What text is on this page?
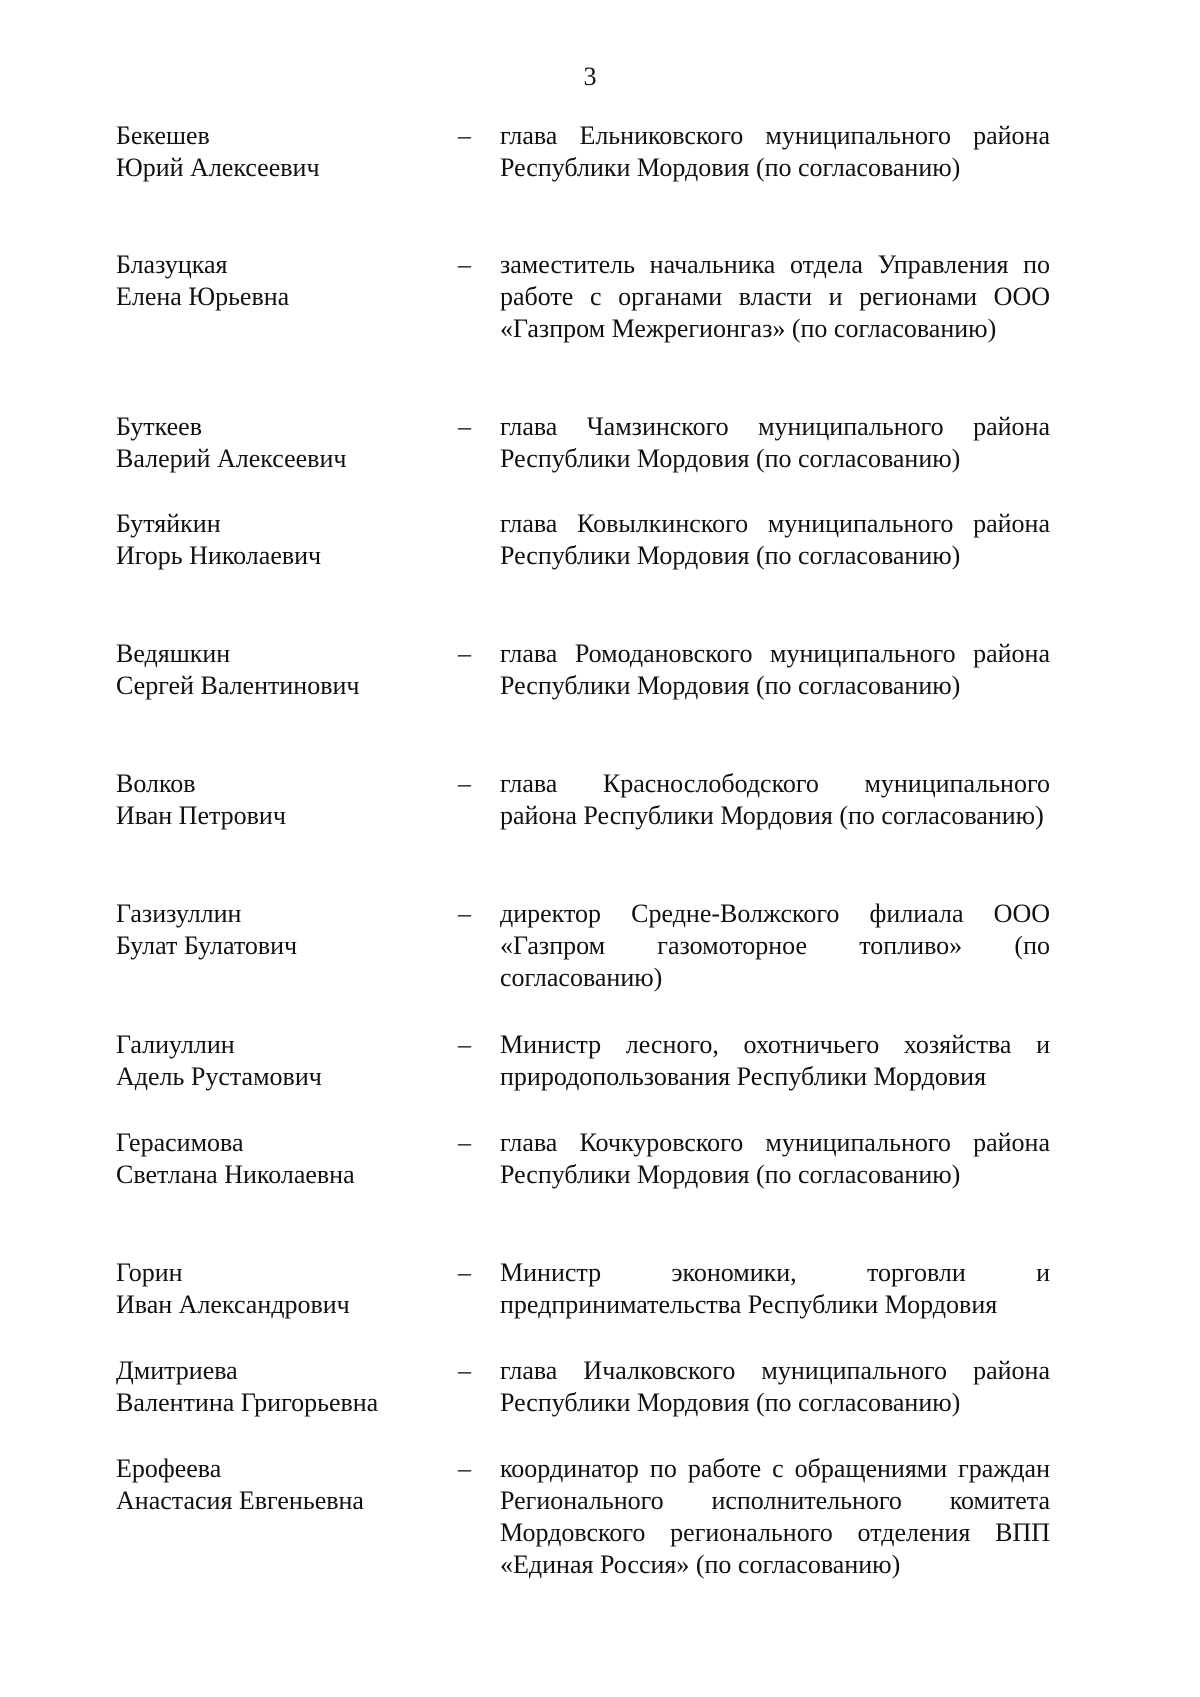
3
Бекешев
Юрий Алексеевич
– глава Ельниковского муниципального района Республики Мордовия (по согласованию)
Блазуцкая
Елена Юрьевна
– заместитель начальника отдела Управления по работе с органами власти и регионами ООО «Газпром Межрегионгаз» (по согласованию)
Буткеев
Валерий Алексеевич
– глава Чамзинского муниципального района Республики Мордовия (по согласованию)
Бутяйкин
Игорь Николаевич
глава Ковылкинского муниципального района Республики Мордовия (по согласованию)
Ведяшкин
Сергей Валентинович
– глава Ромодановского муниципального района Республики Мордовия (по согласованию)
Волков
Иван Петрович
– глава Краснослободского муниципального района Республики Мордовия (по согласованию)
Газизуллин
Булат Булатович
– директор Средне-Волжского филиала ООО «Газпром газомоторное топливо» (по согласованию)
Галиуллин
Адель Рустамович
– Министр лесного, охотничьего хозяйства и природопользования Республики Мордовия
Герасимова
Светлана Николаевна
– глава Кочкуровского муниципального района Республики Мордовия (по согласованию)
Горин
Иван Александрович
– Министр экономики, торговли и предпринимательства Республики Мордовия
Дмитриева
Валентина Григорьевна
– глава Ичалковского муниципального района Республики Мордовия (по согласованию)
Ерофеева
Анастасия Евгеньевна
– координатор по работе с обращениями граждан Регионального исполнительного комитета Мордовского регионального отделения ВПП «Единая Россия» (по согласованию)
